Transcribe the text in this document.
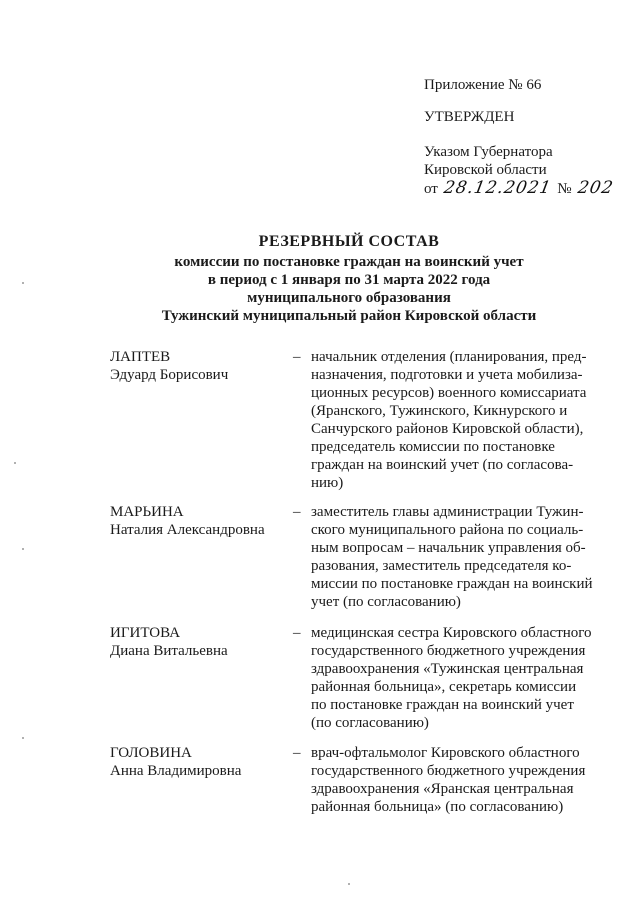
Приложение № 66
УТВЕРЖДЕН
Указом Губернатора
Кировской области
от 28.12.2021 № 202
РЕЗЕРВНЫЙ СОСТАВ
комиссии по постановке граждан на воинский учет
в период с 1 января по 31 марта 2022 года
муниципального образования
Тужинский муниципальный район Кировской области
ЛАПТЕВ
Эдуард Борисович
– начальник отделения (планирования, пред-
назначения, подготовки и учета мобилиза-
ционных ресурсов) военного комиссариата
(Яранского, Тужинского, Кикнурского и
Санчурского районов Кировской области),
председатель комиссии по постановке
граждан на воинский учет (по согласова-
нию)
МАРЬИНА
Наталия Александровна
– заместитель главы администрации Тужин-
ского муниципального района по социаль-
ным вопросам – начальник управления об-
разования, заместитель председателя ко-
миссии по постановке граждан на воинский
учет (по согласованию)
ИГИТОВА
Диана Витальевна
– медицинская сестра Кировского областного
государственного бюджетного учреждения
здравоохранения «Тужинская центральная
районная больница», секретарь комиссии
по постановке граждан на воинский учет
(по согласованию)
ГОЛОВИНА
Анна Владимировна
– врач-офтальмолог Кировского областного
государственного бюджетного учреждения
здравоохранения «Яранская центральная
районная больница» (по согласованию)
